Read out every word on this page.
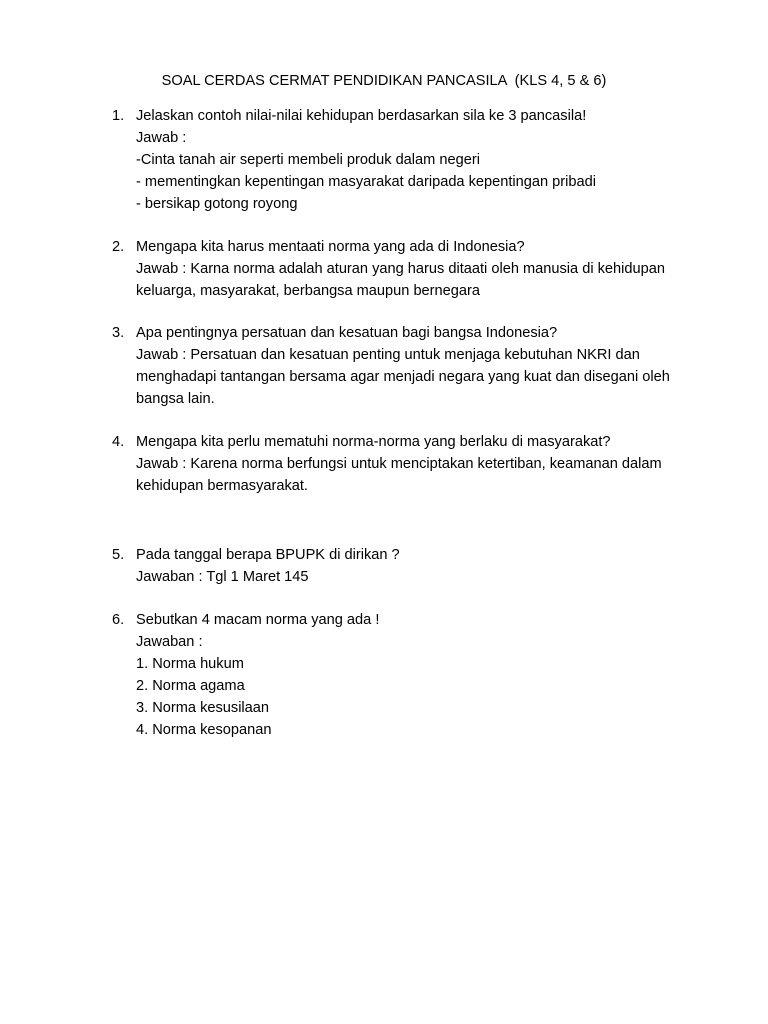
SOAL CERDAS CERMAT PENDIDIKAN PANCASILA  (KLS 4, 5 & 6)
1. Jelaskan contoh nilai-nilai kehidupan berdasarkan sila ke 3 pancasila!
Jawab :
-Cinta tanah air seperti membeli produk dalam negeri
- mementingkan kepentingan masyarakat daripada kepentingan pribadi
- bersikap gotong royong
2. Mengapa kita harus mentaati norma yang ada di Indonesia?
Jawab : Karna norma adalah aturan yang harus ditaati oleh manusia di kehidupan
keluarga, masyarakat, berbangsa maupun bernegara
3. Apa pentingnya persatuan dan kesatuan bagi bangsa Indonesia?
Jawab : Persatuan dan kesatuan penting untuk menjaga kebutuhan NKRI dan
menghadapi tantangan bersama agar menjadi negara yang kuat dan disegani oleh
bangsa lain.
4. Mengapa kita perlu mematuhi norma-norma yang berlaku di masyarakat?
Jawab : Karena norma berfungsi untuk menciptakan ketertiban, keamanan dalam
kehidupan bermasyarakat.
5. Pada tanggal berapa BPUPK di dirikan ?
Jawaban : Tgl 1 Maret 145
6. Sebutkan 4 macam norma yang ada !
Jawaban :
1. Norma hukum
2. Norma agama
3. Norma kesusilaan
4. Norma kesopanan
